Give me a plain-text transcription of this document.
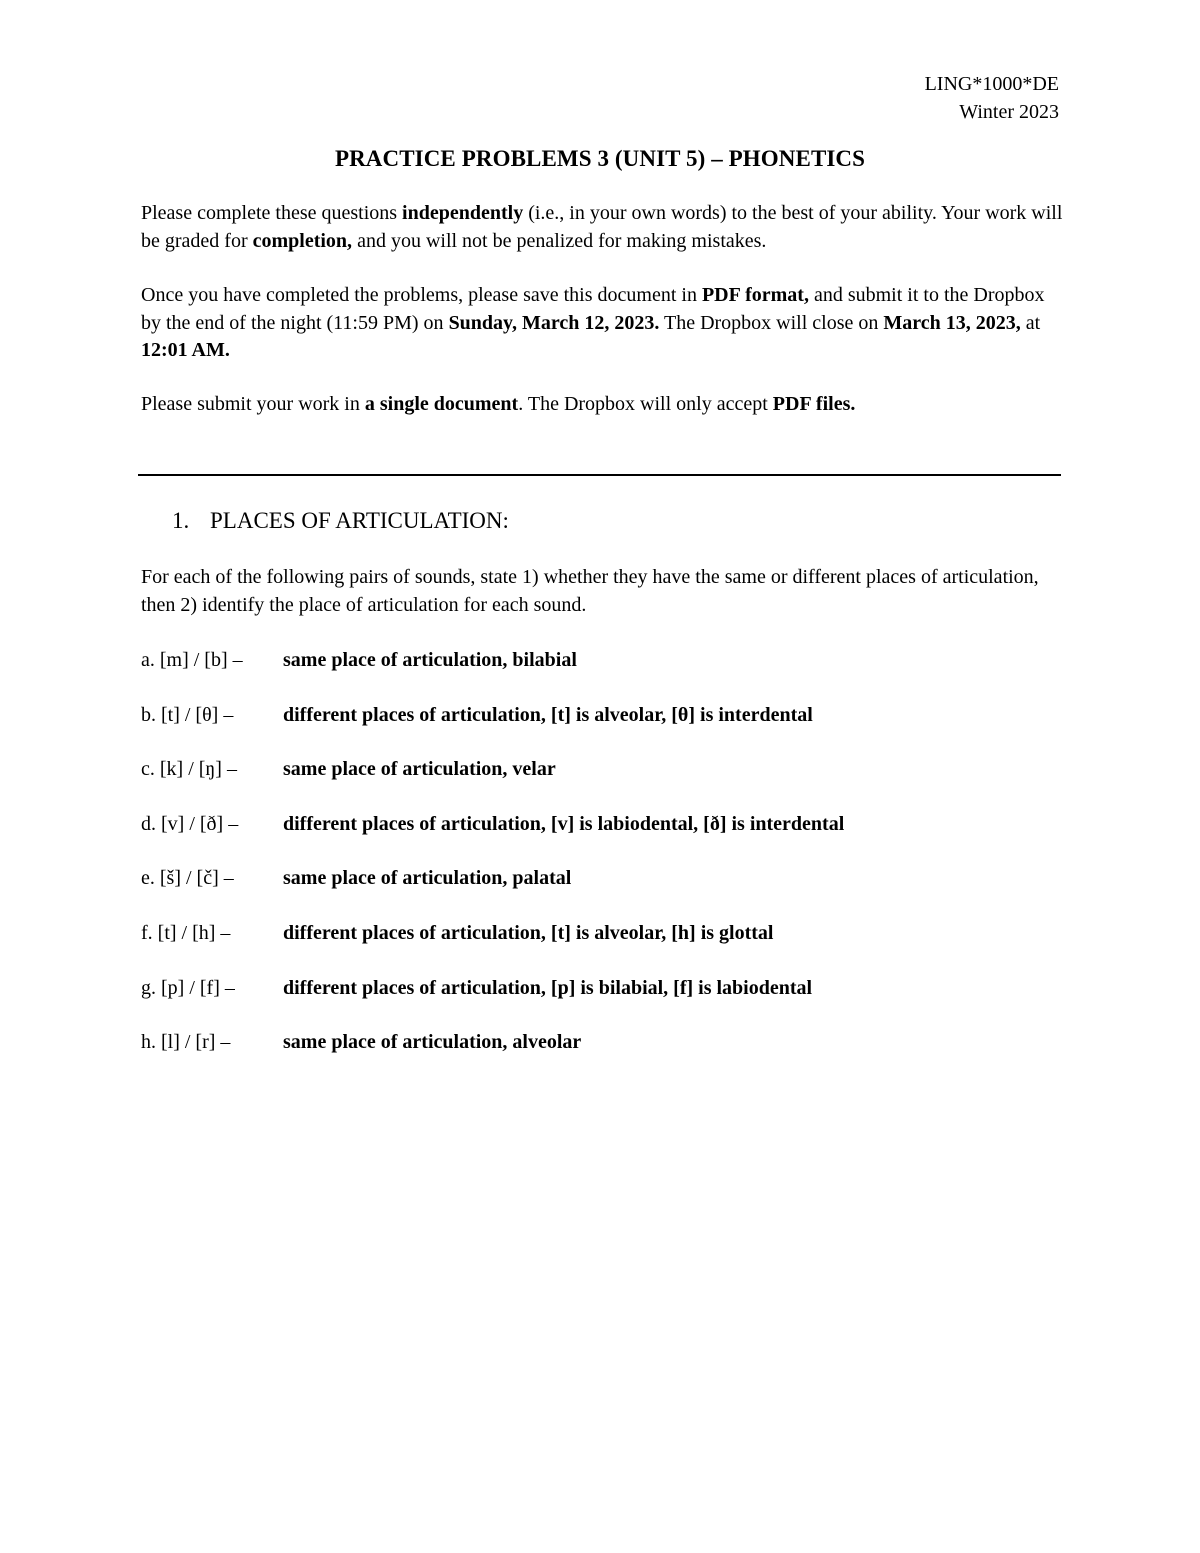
LING*1000*DE
Winter 2023
PRACTICE PROBLEMS 3 (UNIT 5) – PHONETICS

Please complete these questions independently (i.e., in your own words) to the best of your ability. Your work will be graded for completion, and you will not be penalized for making mistakes.

Once you have completed the problems, please save this document in PDF format, and submit it to the Dropbox by the end of the night (11:59 PM) on Sunday, March 12, 2023. The Dropbox will close on March 13, 2023, at 12:01 AM.

Please submit your work in a single document. The Dropbox will only accept PDF files.

1. PLACES OF ARTICULATION:

For each of the following pairs of sounds, state 1) whether they have the same or different places of articulation, then 2) identify the place of articulation for each sound.

a. [m] / [b] – same place of articulation, bilabial
b. [t] / [θ] – different places of articulation, [t] is alveolar, [θ] is interdental
c. [k] / [ŋ] – same place of articulation, velar
d. [v] / [ð] – different places of articulation, [v] is labiodental, [ð] is interdental
e. [š] / [č] – same place of articulation, palatal
f. [t] / [h] –	different places of articulation, [t] is alveolar, [h] is glottal
g. [p] / [f] – different places of articulation, [p] is bilabial, [f] is labiodental
h. [l] / [r] –	same place of articulation, alveolar
